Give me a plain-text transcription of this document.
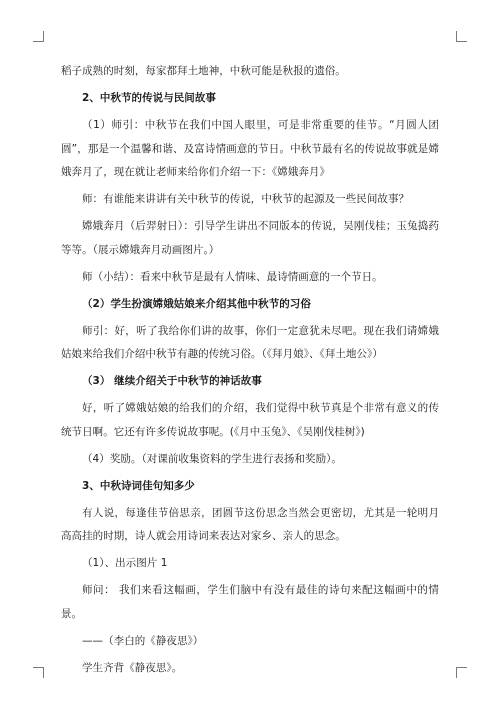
稻子成熟的时刻，每家都拜土地神，中秋可能是秋报的遗俗。

2、中秋节的传说与民间故事

（1）师引：中秋节在我们中国人眼里，可是非常重要的佳节。“月圆人团圆”，那是一个温馨和谐、及富诗情画意的节日。中秋节最有名的传说故事就是嫦娥奔月了，现在就让老师来给你们介绍一下：《嫦娥奔月》

师：有谁能来讲讲有关中秋节的传说，中秋节的起源及一些民间故事？

嫦娥奔月（后羿射日）：引导学生讲出不同版本的传说，吴刚伐桂；玉兔捣药等等。（展示嫦娥奔月动画图片。）

师（小结）：看来中秋节是最有人情味、最诗情画意的一个节日。

（2）学生扮演嫦娥姑娘来介绍其他中秋节的习俗

师引：好，听了我给你们讲的故事，你们一定意犹未尽吧。现在我们请嫦娥姑娘来给我们介绍中秋节有趣的传统习俗。（《拜月娘》、《拜土地公》）

（3） 继续介绍关于中秋节的神话故事

好，听了嫦娥姑娘的给我们的介绍，我们觉得中秋节真是个非常有意义的传统节日啊。它还有许多传说故事呢。(《月中玉兔》、《吴刚伐桂树》)

（4）奖励。（对课前收集资料的学生进行表扬和奖励）。

3、中秋诗词佳句知多少

有人说，每逢佳节倍思亲，团圆节这份思念当然会更密切，尤其是一轮明月高高挂的时期，诗人就会用诗词来表达对家乡、亲人的思念。

（1）、出示图片 1

师问： 我们来看这幅画，学生们脑中有没有最佳的诗句来配这幅画中的情景。

——（李白的《静夜思》）

学生齐背《静夜思》。
